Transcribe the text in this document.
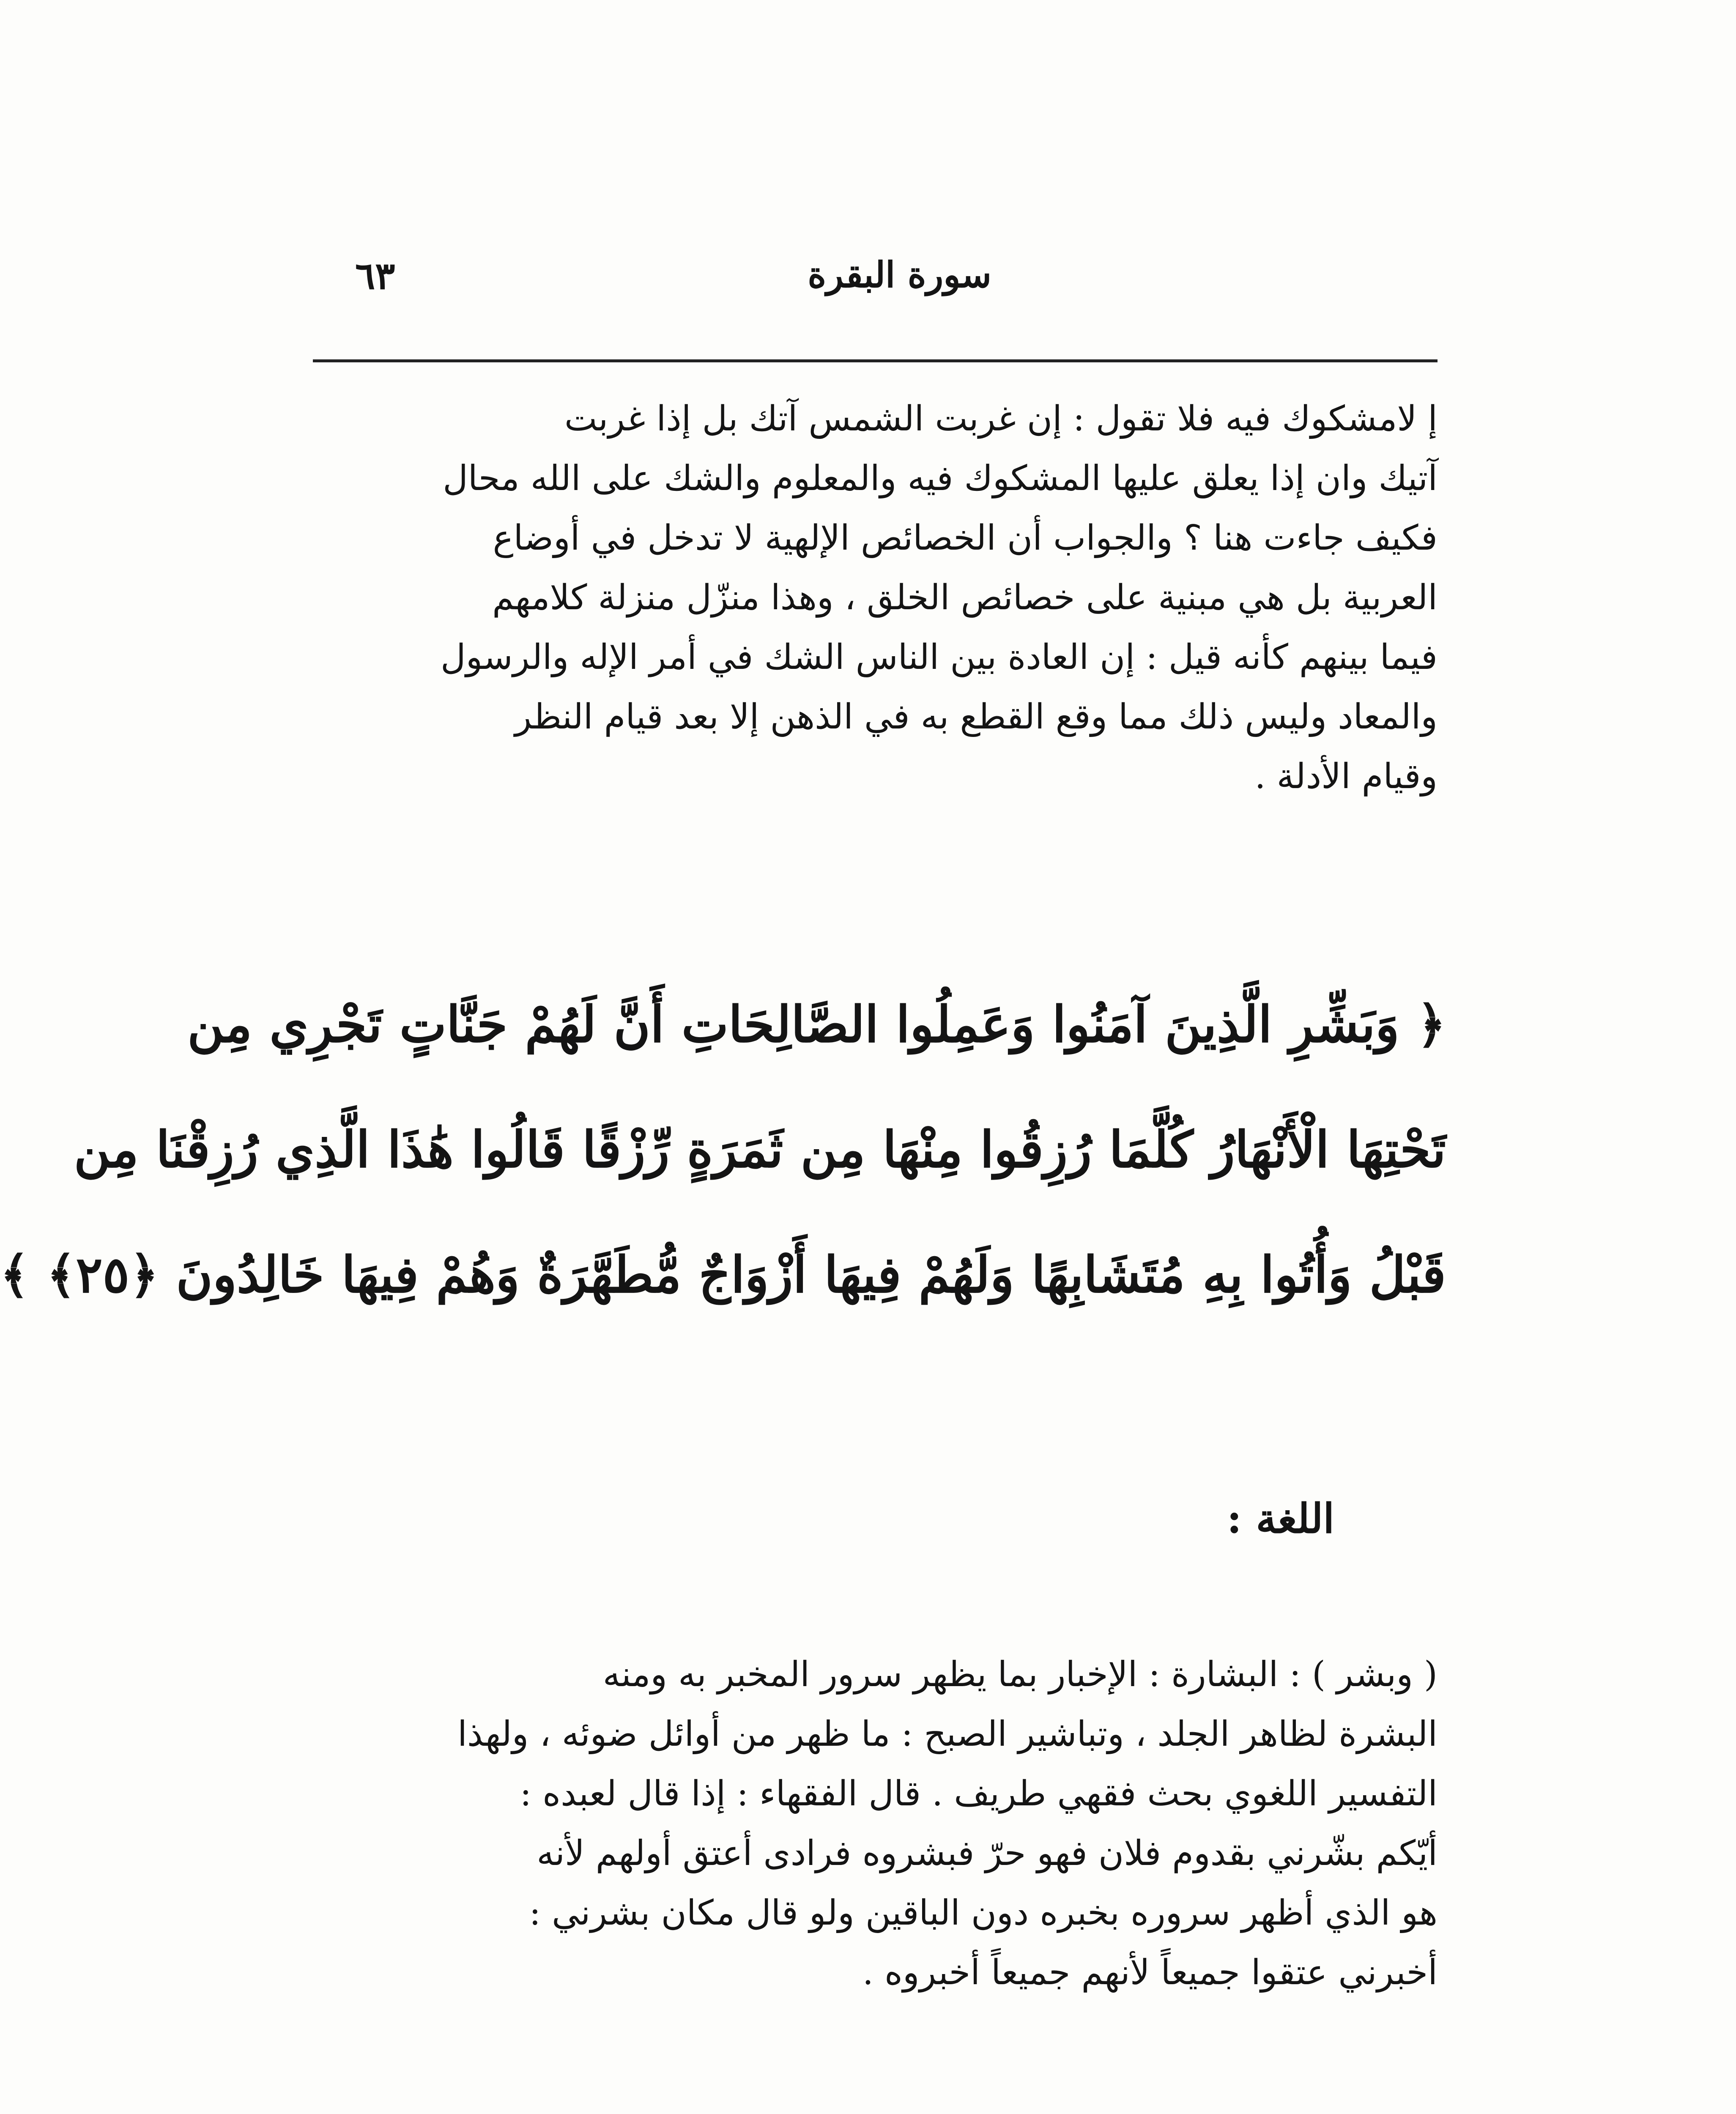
سورة البقرة
٦٣
إ لامشكوك فيه فلا تقول : إن غربت الشمس آتك بل إذا غربت
آتيك وان إذا يعلق عليها المشكوك فيه والمعلوم والشك على الله محال
فكيف جاءت هنا ؟ والجواب أن الخصائص الإلهية لا تدخل في أوضاع
العربية بل هي مبنية على خصائص الخلق ، وهذا منزّل منزلة كلامهم
فيما بينهم كأنه قيل : إن العادة بين الناس الشك في أمر الإله والرسول
والمعاد وليس ذلك مما وقع القطع به في الذهن إلا بعد قيام النظر
وقيام الأدلة .
﴿ وَبَشِّرِ الَّذِينَ آمَنُوا وَعَمِلُوا الصَّالِحَاتِ أَنَّ لَهُمْ جَنَّاتٍ تَجْرِي مِن
تَحْتِهَا الْأَنْهَارُ كُلَّمَا رُزِقُوا مِنْهَا مِن ثَمَرَةٍ رِّزْقًا قَالُوا هَٰذَا الَّذِي رُزِقْنَا مِن
قَبْلُ وَأُتُوا بِهِ مُتَشَابِهًا وَلَهُمْ فِيهَا أَزْوَاجٌ مُّطَهَّرَةٌ وَهُمْ فِيهَا خَالِدُونَ ﴿٢٥﴾ ﴾
اللغة :
( وبشر ) : البشارة : الإخبار بما يظهر سرور المخبر به ومنه
البشرة لظاهر الجلد ، وتباشير الصبح : ما ظهر من أوائل ضوئه ، ولهذا
التفسير اللغوي بحث فقهي طريف . قال الفقهاء : إذا قال لعبده :
أيّكم بشّرني بقدوم فلان فهو حرّ فبشروه فرادى أعتق أولهم لأنه
هو الذي أظهر سروره بخبره دون الباقين ولو قال مكان بشرني :
أخبرني عتقوا جميعاً لأنهم جميعاً أخبروه .
